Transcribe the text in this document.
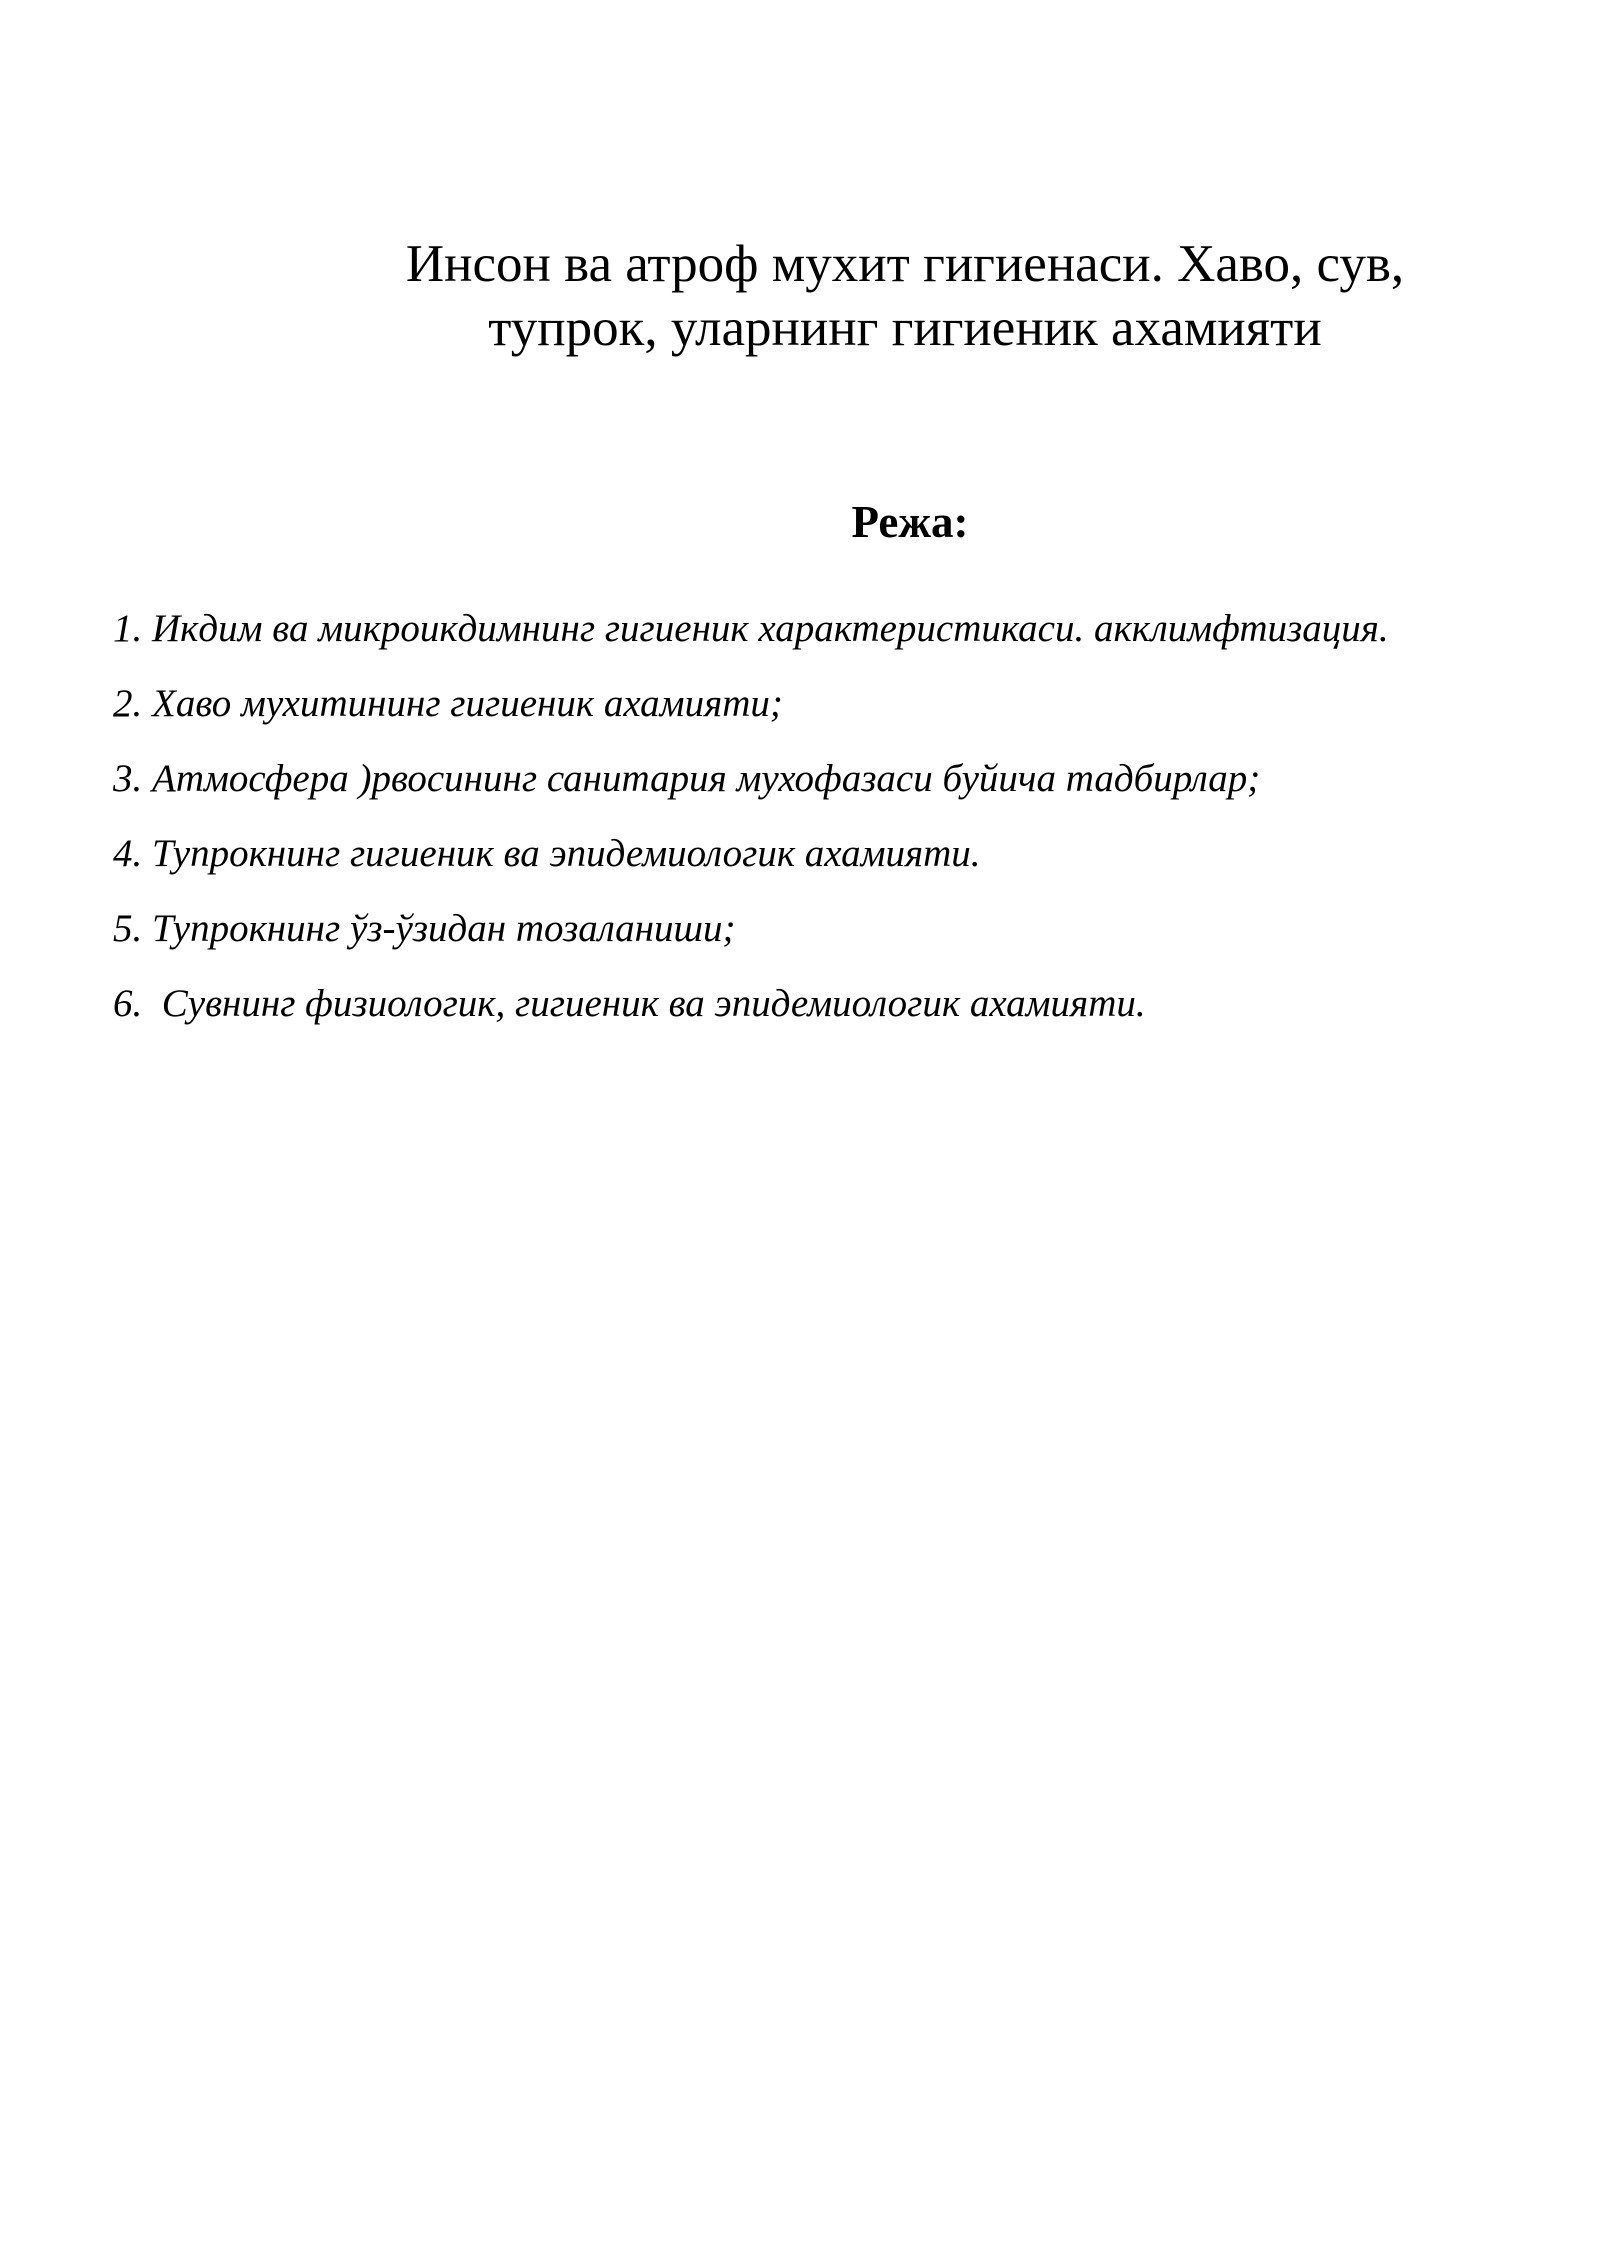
Инсон ва атроф мухит гигиенаси. Хаво, сув,
тупрок, уларнинг гигиеник ахамияти
Режа:
1. Икдим ва микроикдимнинг гигиеник характеристикаси. акклимфтизация.
2. Хаво мухитининг гигиеник ахамияти;
3. Атмосфера )рвосининг санитария мухофазаси буйича тадбирлар;
4. Тупрокнинг гигиеник ва эпидемиологик ахамияти.
5. Тупрокнинг ўз-ўзидан тозаланиши;
6.  Сувнинг физиологик, гигиеник ва эпидемиологик ахамияти.
